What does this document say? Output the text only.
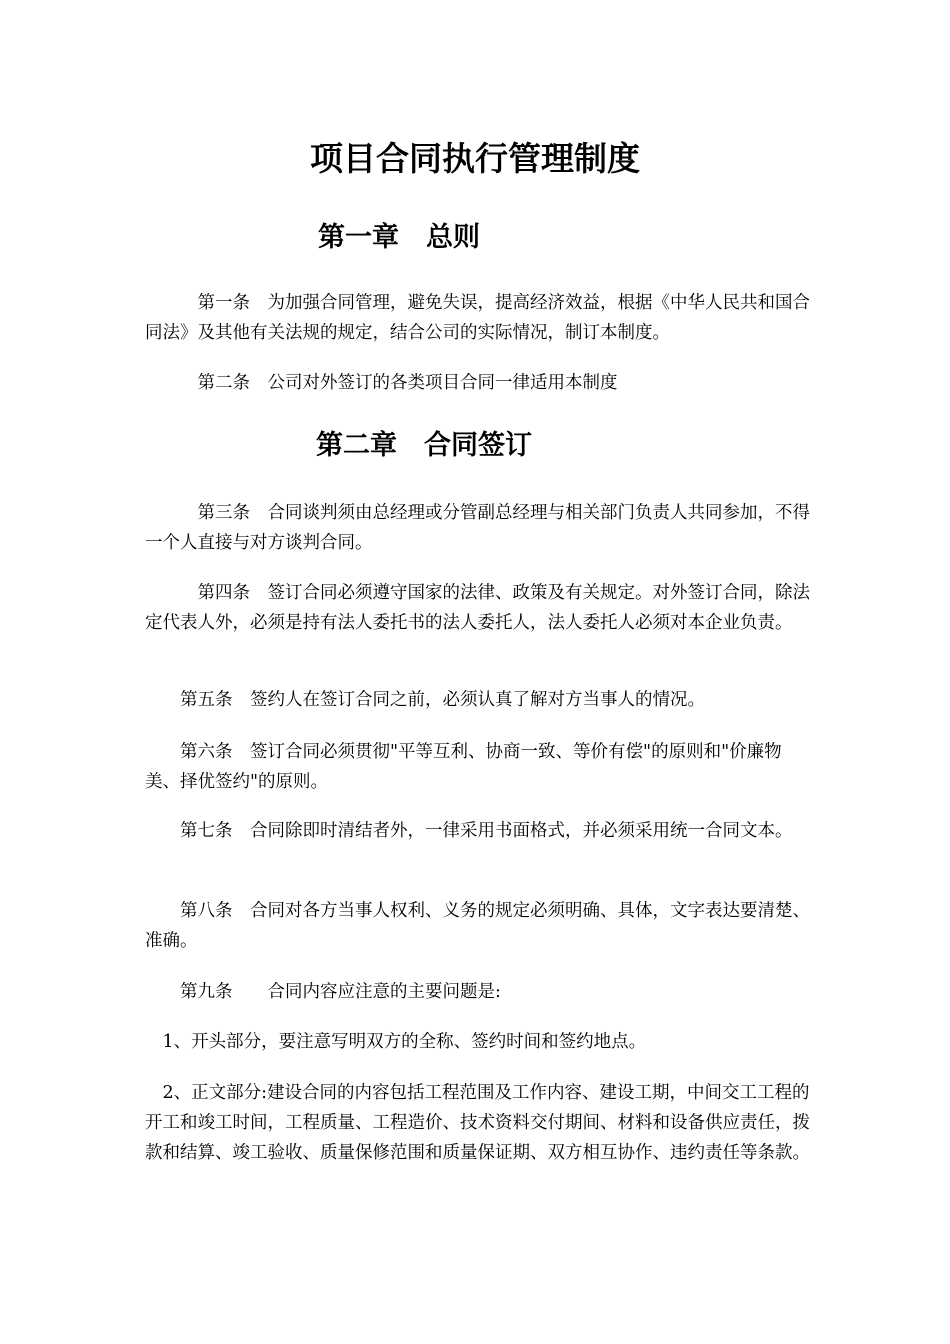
项目合同执行管理制度
第一章　总则

　　　第一条　为加强合同管理，避免失误，提高经济效益，根据《中华人民共和国合同法》及其他有关法规的规定，结合公司的实际情况，制订本制度。

　　　第二条　公司对外签订的各类项目合同一律适用本制度

第二章　合同签订

　　　第三条　合同谈判须由总经理或分管副总经理与相关部门负责人共同参加，不得一个人直接与对方谈判合同。

　　　第四条　签订合同必须遵守国家的法律、政策及有关规定。对外签订合同，除法定代表人外，必须是持有法人委托书的法人委托人，法人委托人必须对本企业负责。

　　第五条　签约人在签订合同之前，必须认真了解对方当事人的情况。

　　第六条　签订合同必须贯彻"平等互利、协商一致、等价有偿"的原则和"价廉物美、择优签约"的原则。

　　第七条　合同除即时清结者外，一律采用书面格式，并必须采用统一合同文本。

　　第八条　合同对各方当事人权利、义务的规定必须明确、具体，文字表达要清楚、准确。

　　第九条　　合同内容应注意的主要问题是:

　1、开头部分，要注意写明双方的全称、签约时间和签约地点。

　2、正文部分:建设合同的内容包括工程范围及工作内容、建设工期，中间交工工程的开工和竣工时间，工程质量、工程造价、技术资料交付期间、材料和设备供应责任，拨款和结算、竣工验收、质量保修范围和质量保证期、双方相互协作、违约责任等条款。
